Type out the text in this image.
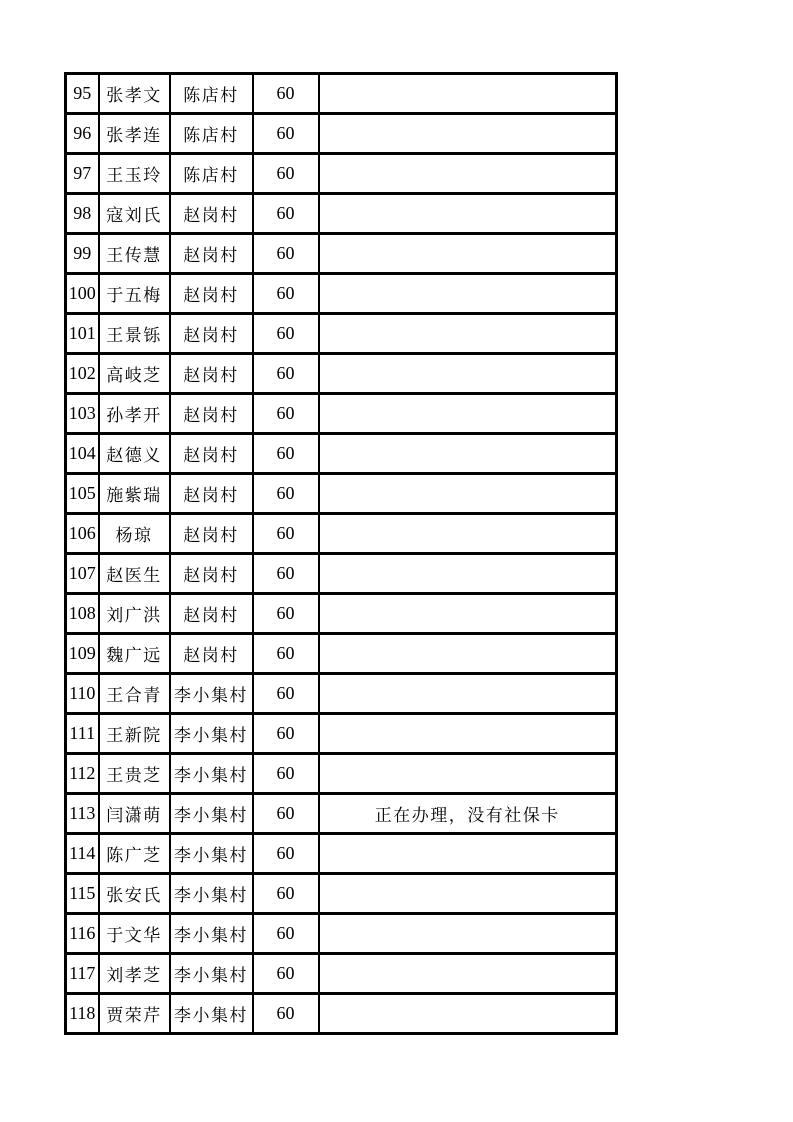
95	张孝文	陈店村	60	
96	张孝连	陈店村	60	
97	王玉玲	陈店村	60	
98	寇刘氏	赵岗村	60	
99	王传慧	赵岗村	60	
100	于五梅	赵岗村	60	
101	王景铄	赵岗村	60	
102	高岐芝	赵岗村	60	
103	孙孝开	赵岗村	60	
104	赵德义	赵岗村	60	
105	施紫瑞	赵岗村	60	
106	杨琼	赵岗村	60	
107	赵医生	赵岗村	60	
108	刘广洪	赵岗村	60	
109	魏广远	赵岗村	60	
110	王合青	李小集村	60	
111	王新院	李小集村	60	
112	王贵芝	李小集村	60	
113	闫潇萌	李小集村	60	正在办理，没有社保卡
114	陈广芝	李小集村	60	
115	张安氏	李小集村	60	
116	于文华	李小集村	60	
117	刘孝芝	李小集村	60	
118	贾荣芹	李小集村	60	
